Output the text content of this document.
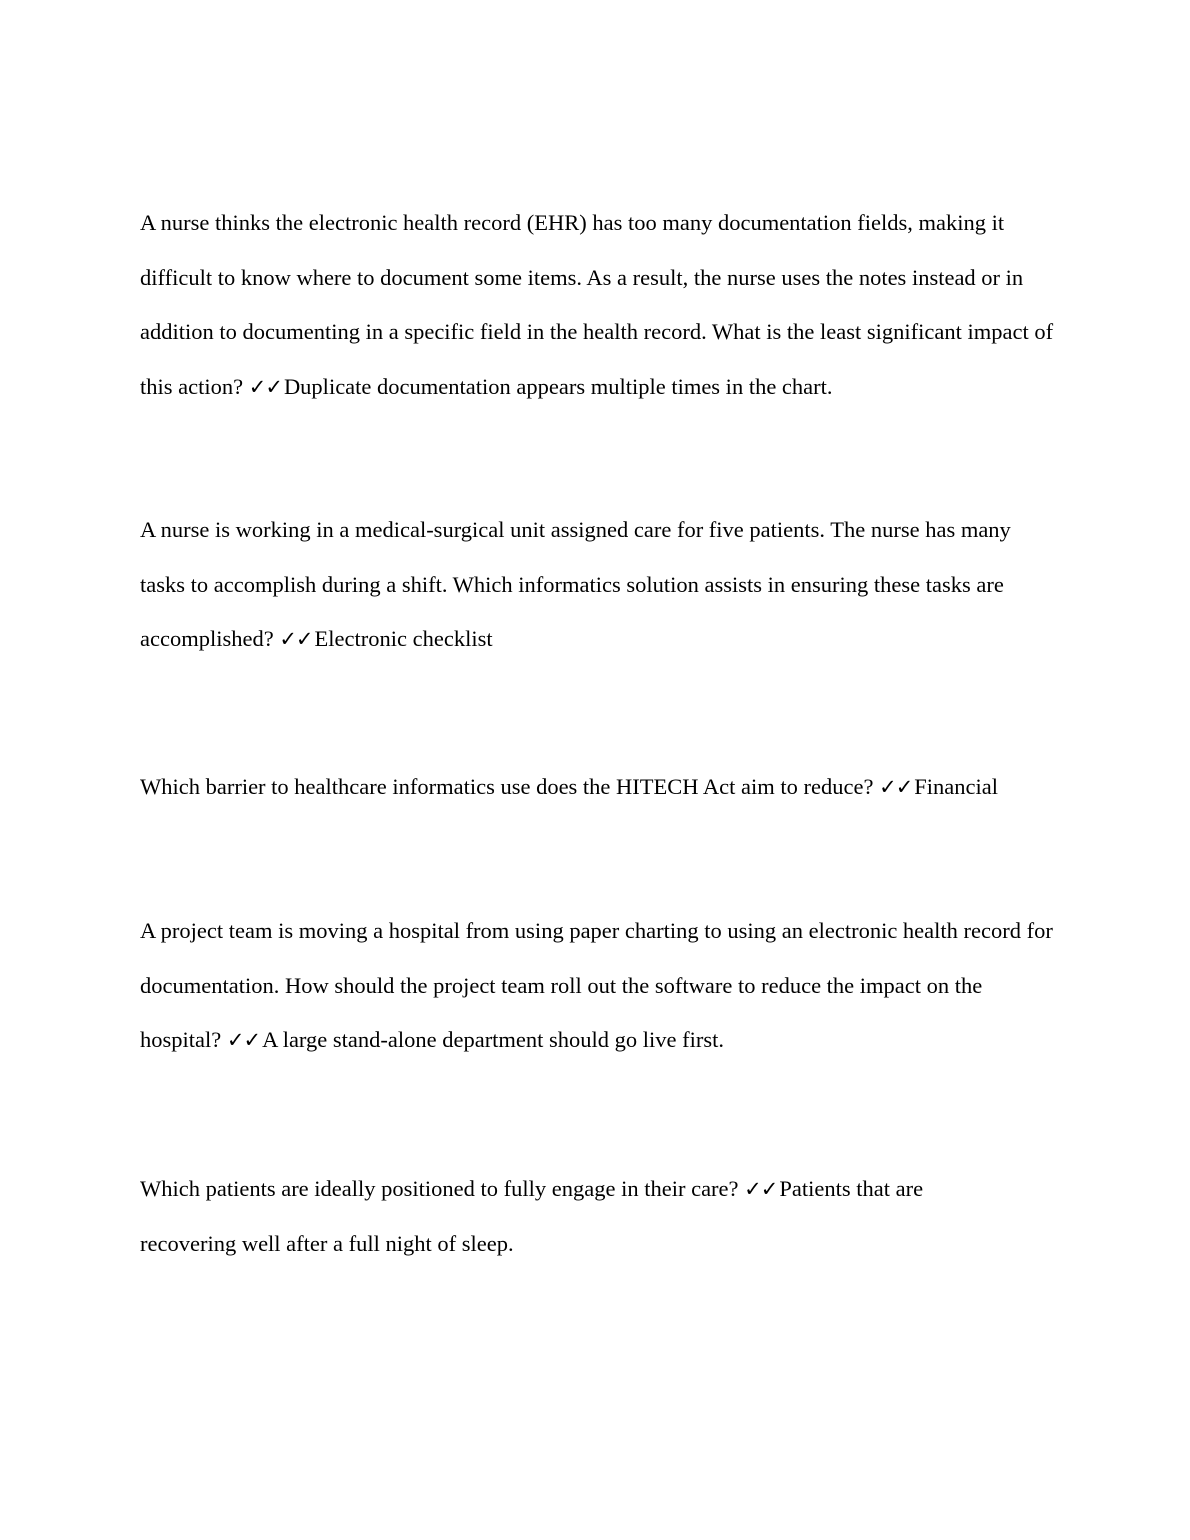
A nurse thinks the electronic health record (EHR) has too many documentation fields, making it difficult to know where to document some items. As a result, the nurse uses the notes instead or in addition to documenting in a specific field in the health record. What is the least significant impact of this action? ✓✓Duplicate documentation appears multiple times in the chart.

A nurse is working in a medical-surgical unit assigned care for five patients. The nurse has many tasks to accomplish during a shift. Which informatics solution assists in ensuring these tasks are accomplished? ✓✓Electronic checklist

Which barrier to healthcare informatics use does the HITECH Act aim to reduce? ✓✓Financial

A project team is moving a hospital from using paper charting to using an electronic health record for documentation. How should the project team roll out the software to reduce the impact on the hospital? ✓✓A large stand-alone department should go live first.

Which patients are ideally positioned to fully engage in their care? ✓✓Patients that are recovering well after a full night of sleep.
